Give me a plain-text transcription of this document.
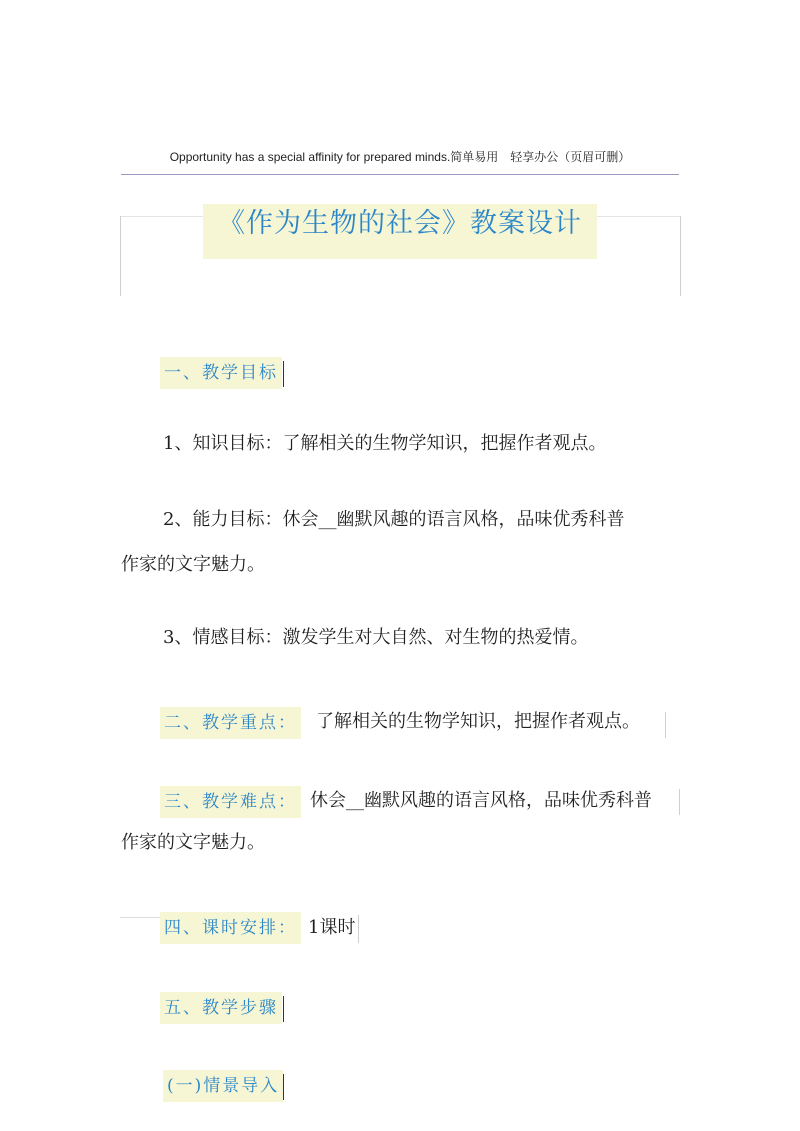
Opportunity has a special affinity for prepared minds.简单易用　轻享办公（页眉可删）
《作为生物的社会》教案设计
一、教学目标
1、知识目标：了解相关的生物学知识，把握作者观点。
2、能力目标：休会__幽默风趣的语言风格，品味优秀科普
作家的文字魅力。
3、情感目标：激发学生对大自然、对生物的热爱情。
二、教学重点： 了解相关的生物学知识，把握作者观点。
三、教学难点： 休会__幽默风趣的语言风格，品味优秀科普
作家的文字魅力。
四、课时安排： 1课时
五、教学步骤
(一)情景导入
